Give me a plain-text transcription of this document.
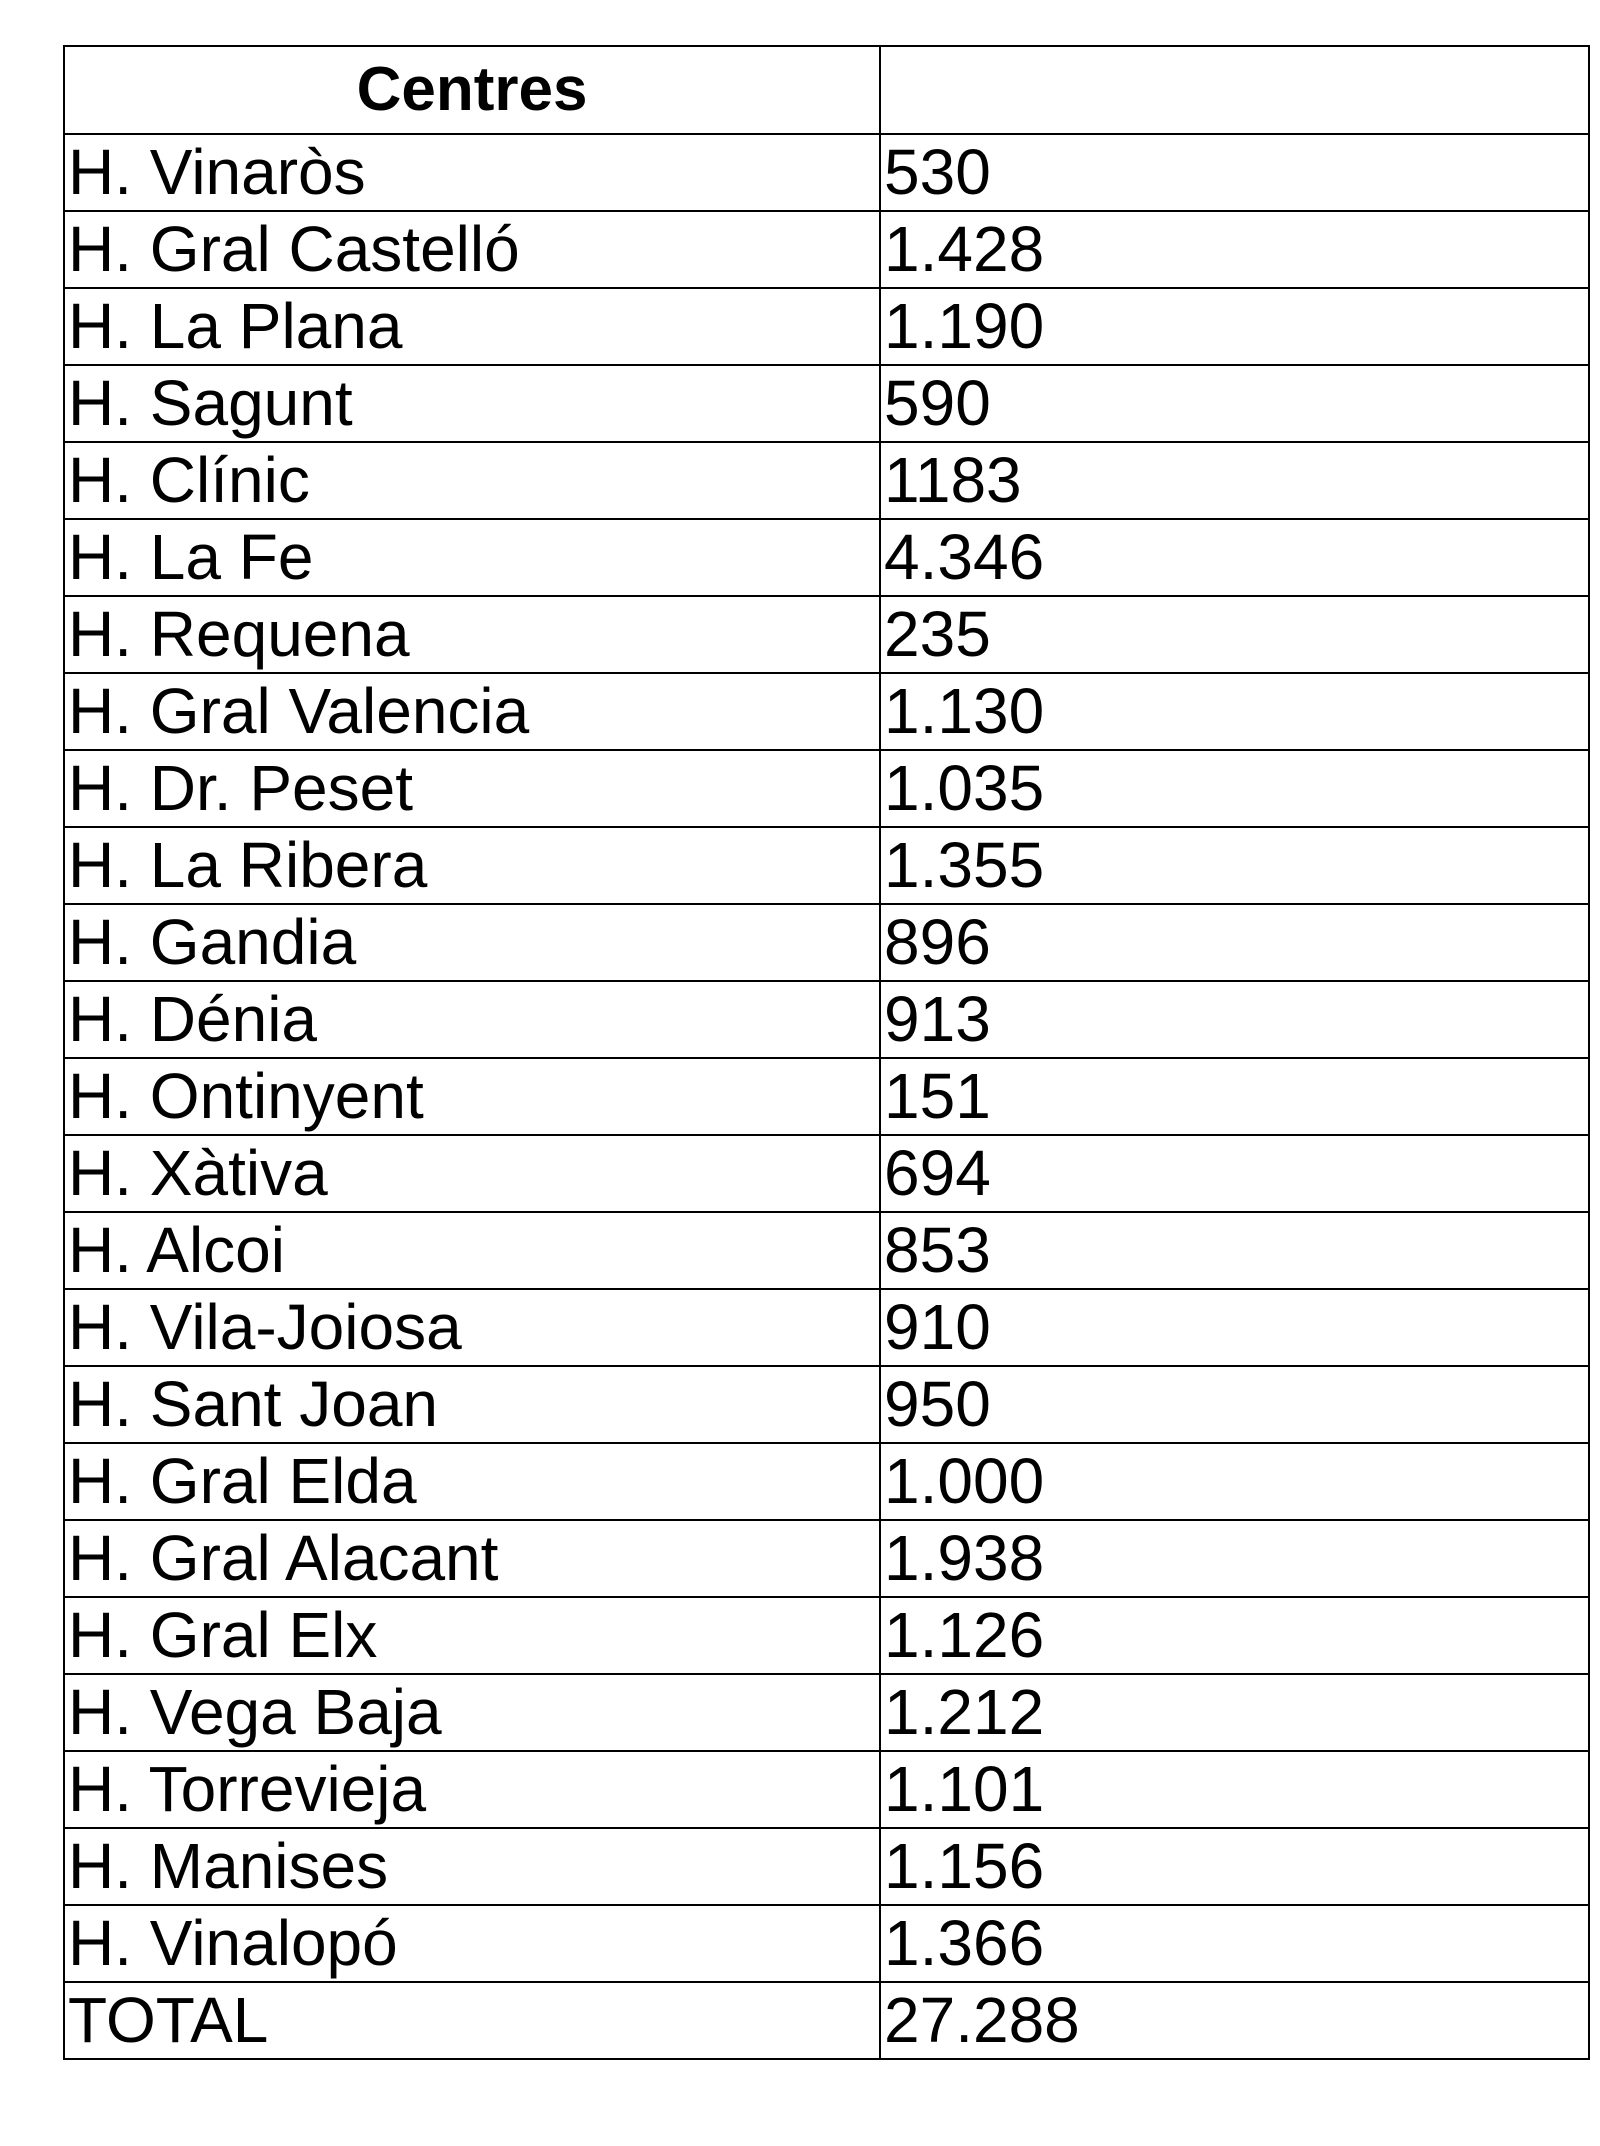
Centres	
H. Vinaròs	530
H. Gral Castelló	1.428
H. La Plana	1.190
H. Sagunt	590
H. Clínic	1183
H. La Fe	4.346
H. Requena	235
H. Gral Valencia	1.130
H. Dr. Peset	1.035
H. La Ribera	1.355
H. Gandia	896
H. Dénia	913
H. Ontinyent	151
H. Xàtiva	694
H. Alcoi	853
H. Vila-Joiosa	910
H. Sant Joan	950
H. Gral Elda	1.000
H. Gral Alacant	1.938
H. Gral Elx	1.126
H. Vega Baja	1.212
H. Torrevieja	1.101
H. Manises	1.156
H. Vinalopó	1.366
TOTAL	27.288
